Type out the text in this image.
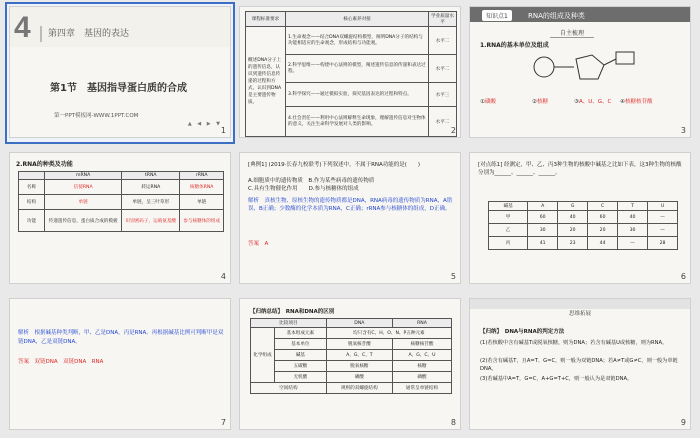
4 第四章　基因的表达
第1节　基因指导蛋白质的合成
第一PPT模板网-WWW.1PPT.COM
▲ ◀ ▶ ▼
1
课程标准要求	核心素养对接	学业质量水平
概述DNA分子上的遗传信息，认识到遗传信息传递的过程和方式，认识到DNA是主要遗传物质。	1.生命观念——结合DNA双螺旋结构模型，阐明DNA分子的结构与功能相适应的生命观念，形成结构与功能观。	水平二
	2.科学思维——构建中心法则的模型，阐述遗传信息的传递和表达过程。	水平二
	3.科学探究——通过模拟实验，探究基因表达的过程和特点。	水平三
	4.社会责任——利用中心法则解释生命现象，理解遗传信息对生物体的意义，关注生命科学发展对人类的影响。	水平二
2
知识点1	RNA的组成及种类
自主梳理
1.RNA的基本单位及组成
①磷酸	②核糖	③A、U、G、C ④核糖核苷酸
3
2.RNA的种类及功能
	mRNA	tRNA	rRNA
名称	信使RNA	转运RNA	核糖体RNA
结构	单链	单链，呈三叶草形	单链
功能	传递遗传信息，蛋白质合成的模板	识别密码子，运载氨基酸	参与核糖体的组成
4
[典例1] (2019·长春九校联考)下列叙述中，不属于RNA功能的是(　　)
A.细胞质中的遗传物质　B.作为某些病毒的遗传物质
C.具有生物催化作用　　D.参与核糖体的组成
解析　真核生物、原核生物的遗传物质都是DNA，RNA病毒的遗传物质为RNA，A错误、B正确；少数酶的化学本质为RNA，C正确；rRNA参与核糖体的组成，D正确。
答案　A
5
[对点练1] 经测定，甲、乙、丙3种生物的核酸中碱基之比如下表，这3种生物的核酸分别为______、______、______。
碱基	A	G	C	T	U
甲	60	40	60	40	—
乙	30	20	20	30	—
丙	41	23	44	—	28
6
解析　根据碱基种类判断，甲、乙是DNA，丙是RNA。再根据碱基比例可判断甲是双链DNA，乙是双链DNA。
答案　双链DNA　双链DNA　RNA
7
【归纳总结】　RNA和DNA的区别
比较项目		DNA	RNA
化学组成	基本组成元素	均只含有C、H、O、N、P五种元素	
	基本单位	脱氧核苷酸	核糖核苷酸
	碱基	A、G、C、T	A、G、C、U
	五碳糖	脱氧核糖	核糖
	无机酸	磷酸	磷酸
空间结构		规则的双螺旋结构	通常呈单链结构
8
思维拓展
【归纳】　DNA与RNA的判定方法
(1)若核酸中含有碱基T或脱氧核糖，则为DNA；若含有碱基U或核糖，则为RNA。
(2)若含有碱基T，且A=T、G=C，则一般为双链DNA；若A≠T或G≠C，则一般为单链DNA。
(3)若碱基中A=T，G=C，A+G=T+C，则一般认为是双链DNA。
9
